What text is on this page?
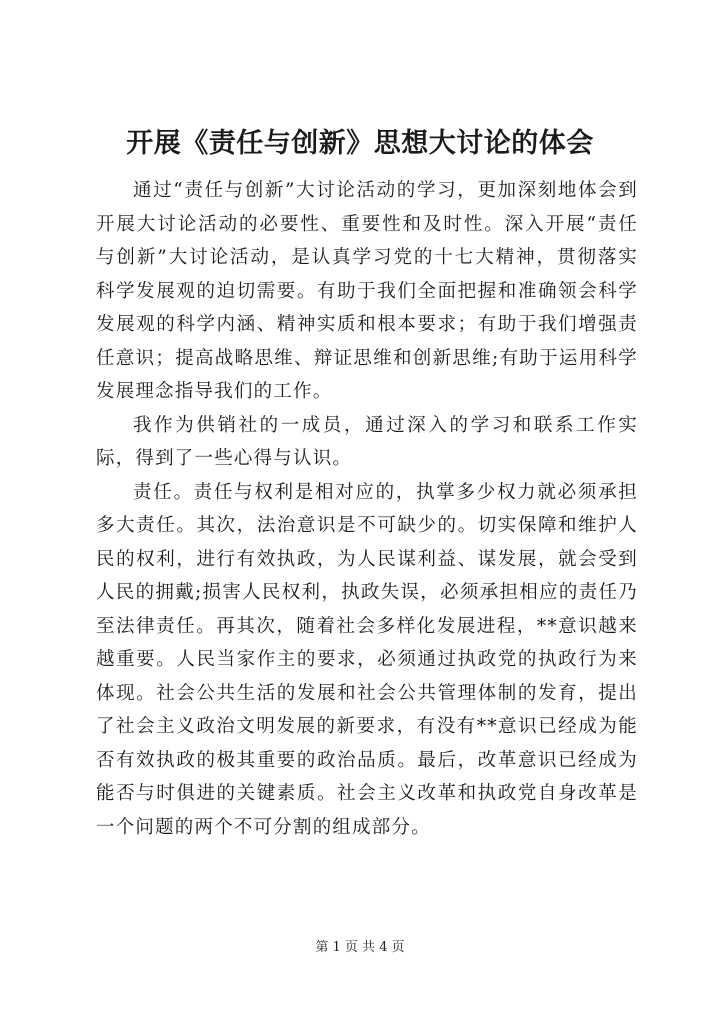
开展《责任与创新》思想大讨论的体会

通过“责任与创新”大讨论活动的学习，更加深刻地体会到开展大讨论活动的必要性、重要性和及时性。深入开展“责任与创新”大讨论活动，是认真学习党的十七大精神，贯彻落实科学发展观的迫切需要。有助于我们全面把握和准确领会科学发展观的科学内涵、精神实质和根本要求；有助于我们增强责任意识；提高战略思维、辩证思维和创新思维;有助于运用科学发展理念指导我们的工作。

我作为供销社的一成员，通过深入的学习和联系工作实际，得到了一些心得与认识。

责任。责任与权利是相对应的，执掌多少权力就必须承担多大责任。其次，法治意识是不可缺少的。切实保障和维护人民的权利，进行有效执政，为人民谋利益、谋发展，就会受到人民的拥戴;损害人民权利，执政失误，必须承担相应的责任乃至法律责任。再其次，随着社会多样化发展进程，**意识越来越重要。人民当家作主的要求，必须通过执政党的执政行为来体现。社会公共生活的发展和社会公共管理体制的发育，提出了社会主义政治文明发展的新要求，有没有**意识已经成为能否有效执政的极其重要的政治品质。最后，改革意识已经成为能否与时俱进的关键素质。社会主义改革和执政党自身改革是一个问题的两个不可分割的组成部分。

第 1 页 共 4 页
